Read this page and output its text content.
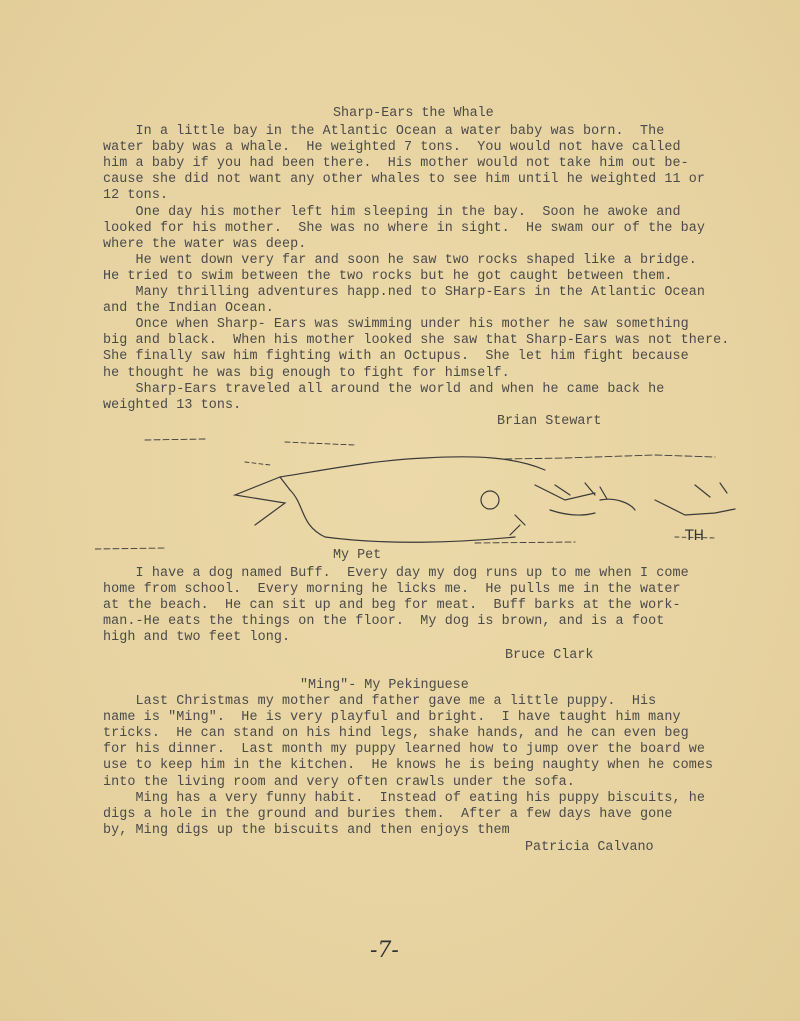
Sharp-Ears the Whale
In a little bay in the Atlantic Ocean a water baby was born.  The
water baby was a whale.  He weighted 7 tons.  You would not have called
him a baby if you had been there.  His mother would not take him out be-
cause she did not want any other whales to see him until he weighted 11 or
12 tons.
One day his mother left him sleeping in the bay.  Soon he awoke and
looked for his mother.  She was no where in sight.  He swam our of the bay
where the water was deep.
He went down very far and soon he saw two rocks shaped like a bridge.
He tried to swim between the two rocks but he got caught between them.
Many thrilling adventures happ.ned to SHarp-Ears in the Atlantic Ocean
and the Indian Ocean.
Once when Sharp- Ears was swimming under his mother he saw something
big and black.  When his mother looked she saw that Sharp-Ears was not there.
She finally saw him fighting with an Octupus.  She let him fight because
he thought he was big enough to fight for himself.
Sharp-Ears traveled all around the world and when he came back he
weighted 13 tons.
Brian Stewart
TH
My Pet
I have a dog named Buff.  Every day my dog runs up to me when I come
home from school.  Every morning he licks me.  He pulls me in the water
at the beach.  He can sit up and beg for meat.  Buff barks at the work-
man.-He eats the things on the floor.  My dog is brown, and is a foot
high and two feet long.
Bruce Clark
"Ming"- My Pekinguese
Last Christmas my mother and father gave me a little puppy.  His
name is "Ming".  He is very playful and bright.  I have taught him many
tricks.  He can stand on his hind legs, shake hands, and he can even beg
for his dinner.  Last month my puppy learned how to jump over the board we
use to keep him in the kitchen.  He knows he is being naughty when he comes
into the living room and very often crawls under the sofa.
Ming has a very funny habit.  Instead of eating his puppy biscuits, he
digs a hole in the ground and buries them.  After a few days have gone
by, Ming digs up the biscuits and then enjoys them
Patricia Calvano
-7-
